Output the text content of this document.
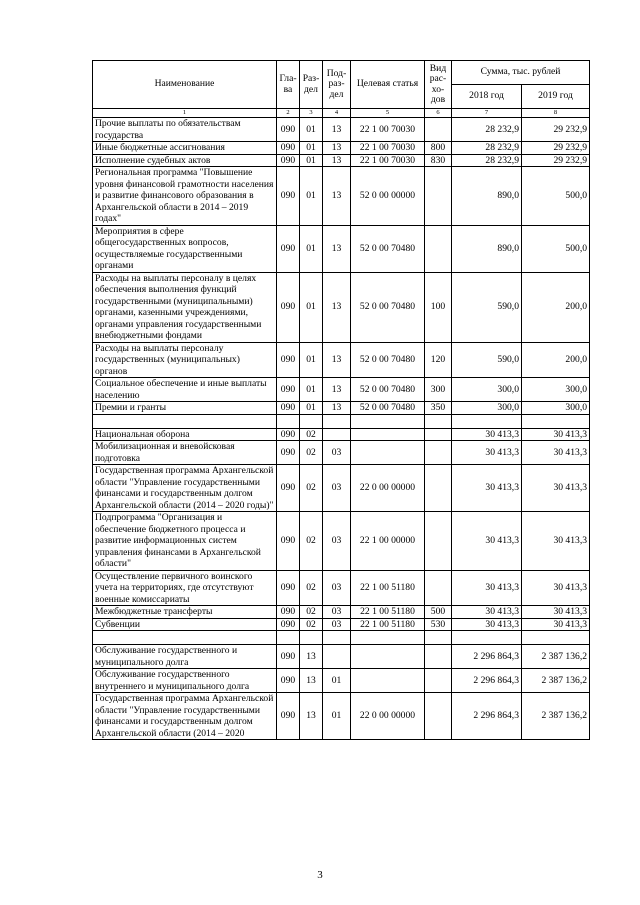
Наименование	Гла-ва	Раз-дел	Под-раз-дел	Целевая статья	Вид рас-хо-дов	Сумма, тыс. рублей	
						2018 год	2019 год
1	2	3	4	5	6	7	8
Прочие выплаты по обязательствам государства	090	01	13	22 1 00 70030		28 232,9	29 232,9
Иные бюджетные ассигнования	090	01	13	22 1 00 70030	800	28 232,9	29 232,9
Исполнение судебных актов	090	01	13	22 1 00 70030	830	28 232,9	29 232,9
Региональная программа "Повышение уровня финансовой грамотности населения и развитие финансового образования в Архангельской области в 2014 – 2019 годах"	090	01	13	52 0 00 00000		890,0	500,0
Мероприятия в сфере общегосударственных вопросов, осуществляемые государственными органами	090	01	13	52 0 00 70480		890,0	500,0
Расходы на выплаты персоналу в целях обеспечения выполнения функций государственными (муниципальными) органами, казенными учреждениями, органами управления государственными внебюджетными фондами	090	01	13	52 0 00 70480	100	590,0	200,0
Расходы на выплаты персоналу государственных (муниципальных) органов	090	01	13	52 0 00 70480	120	590,0	200,0
Социальное обеспечение и иные выплаты населению	090	01	13	52 0 00 70480	300	300,0	300,0
Премии и гранты	090	01	13	52 0 00 70480	350	300,0	300,0

Национальная оборона	090	02				30 413,3	30 413,3
Мобилизационная и вневойсковая подготовка	090	02	03			30 413,3	30 413,3
Государственная программа Архангельской области "Управление государственными финансами и государственным долгом Архангельской области (2014 – 2020 годы)"	090	02	03	22 0 00 00000		30 413,3	30 413,3
Подпрограмма "Организация и обеспечение бюджетного процесса и развитие информационных систем управления финансами в Архангельской области"	090	02	03	22 1 00 00000		30 413,3	30 413,3
Осуществление первичного воинского учета на территориях, где отсутствуют военные комиссариаты	090	02	03	22 1 00 51180		30 413,3	30 413,3
Межбюджетные трансферты	090	02	03	22 1 00 51180	500	30 413,3	30 413,3
Субвенции	090	02	03	22 1 00 51180	530	30 413,3	30 413,3

Обслуживание государственного и муниципального долга	090	13				2 296 864,3	2 387 136,2
Обслуживание государственного внутреннего и муниципального долга	090	13	01			2 296 864,3	2 387 136,2
Государственная программа Архангельской области "Управление государственными финансами и государственным долгом Архангельской области (2014 – 2020	090	13	01	22 0 00 00000		2 296 864,3	2 387 136,2
3
